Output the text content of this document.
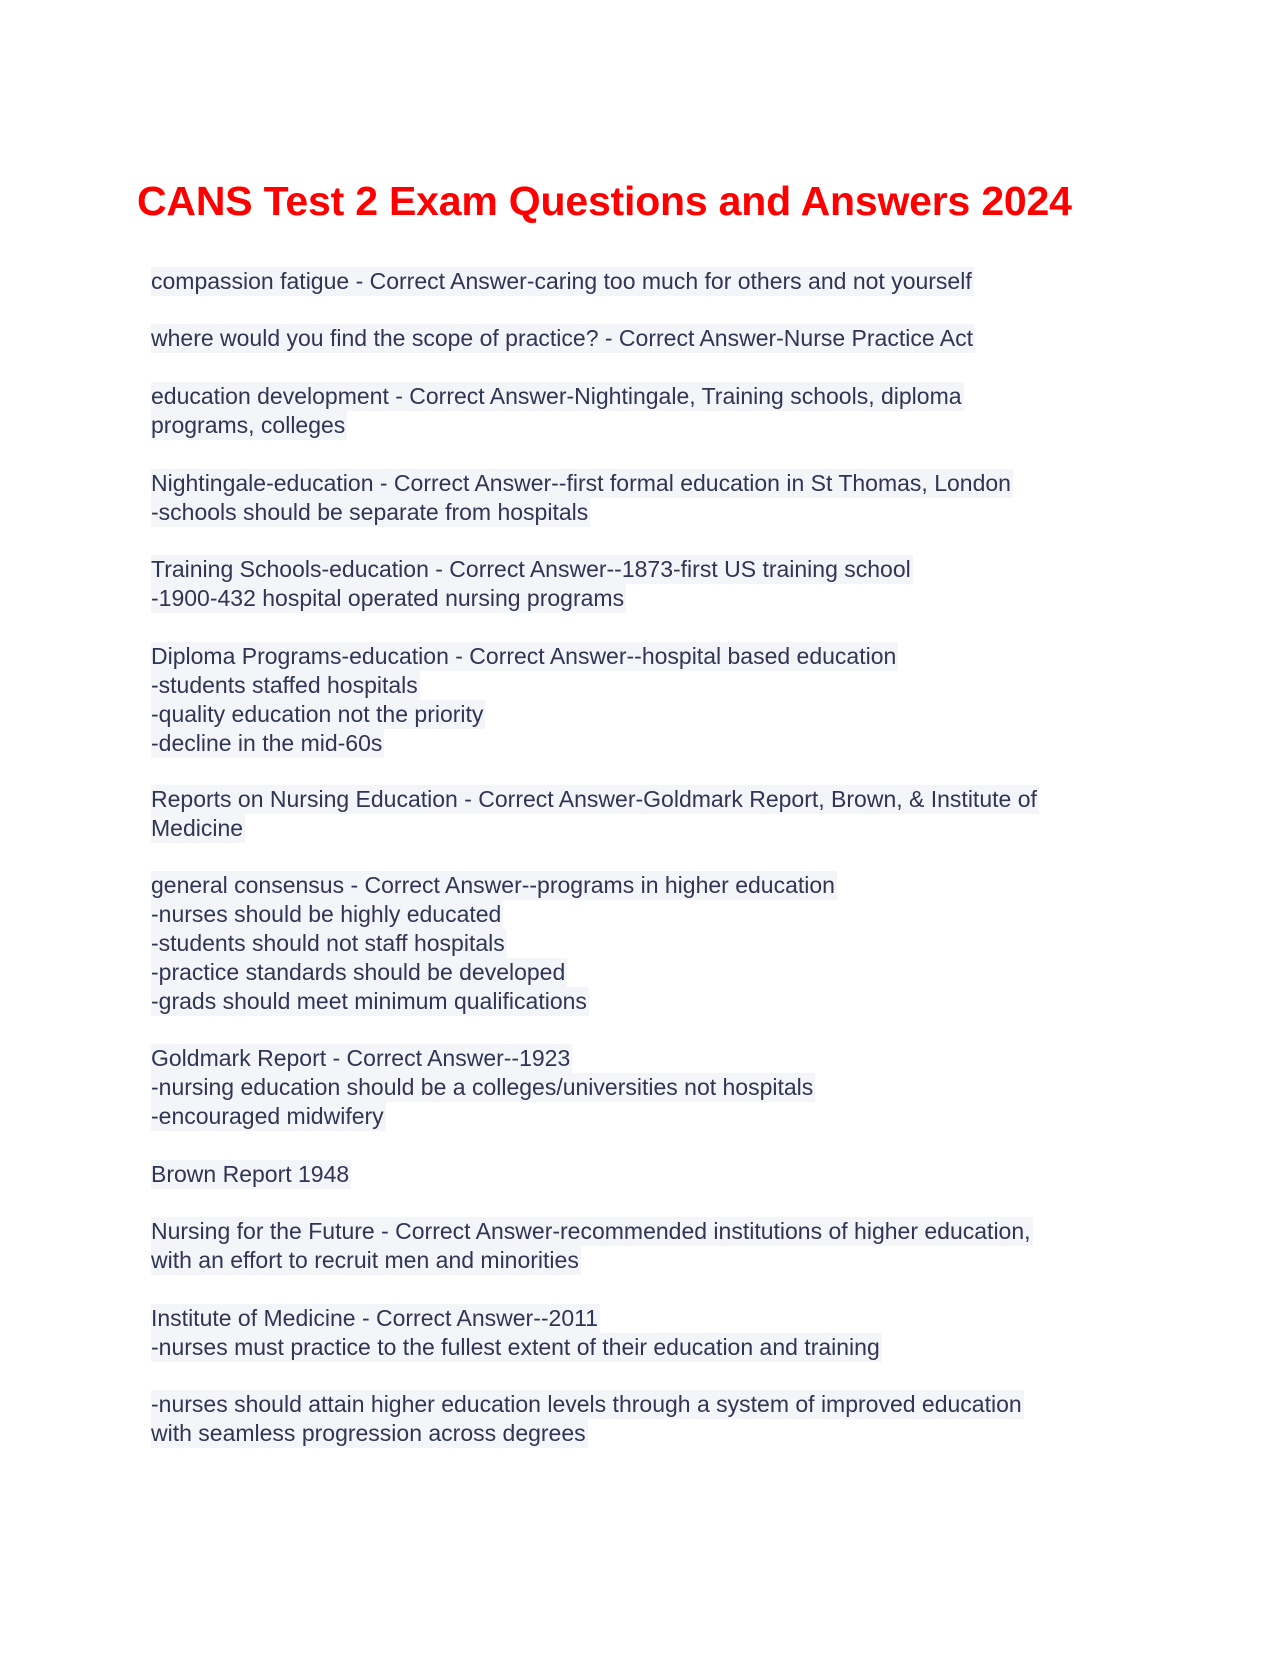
CANS Test 2 Exam Questions and Answers 2024
compassion fatigue - Correct Answer-caring too much for others and not yourself
where would you find the scope of practice? - Correct Answer-Nurse Practice Act
education development - Correct Answer-Nightingale, Training schools, diploma
programs, colleges
Nightingale-education - Correct Answer--first formal education in St Thomas, London
-schools should be separate from hospitals
Training Schools-education - Correct Answer--1873-first US training school
-1900-432 hospital operated nursing programs
Diploma Programs-education - Correct Answer--hospital based education
-students staffed hospitals
-quality education not the priority
-decline in the mid-60s
Reports on Nursing Education - Correct Answer-Goldmark Report, Brown, & Institute of
Medicine
general consensus - Correct Answer--programs in higher education
-nurses should be highly educated
-students should not staff hospitals
-practice standards should be developed
-grads should meet minimum qualifications
Goldmark Report - Correct Answer--1923
-nursing education should be a colleges/universities not hospitals
-encouraged midwifery
Brown Report 1948
Nursing for the Future - Correct Answer-recommended institutions of higher education,
with an effort to recruit men and minorities
Institute of Medicine - Correct Answer--2011
-nurses must practice to the fullest extent of their education and training
-nurses should attain higher education levels through a system of improved education
with seamless progression across degrees
